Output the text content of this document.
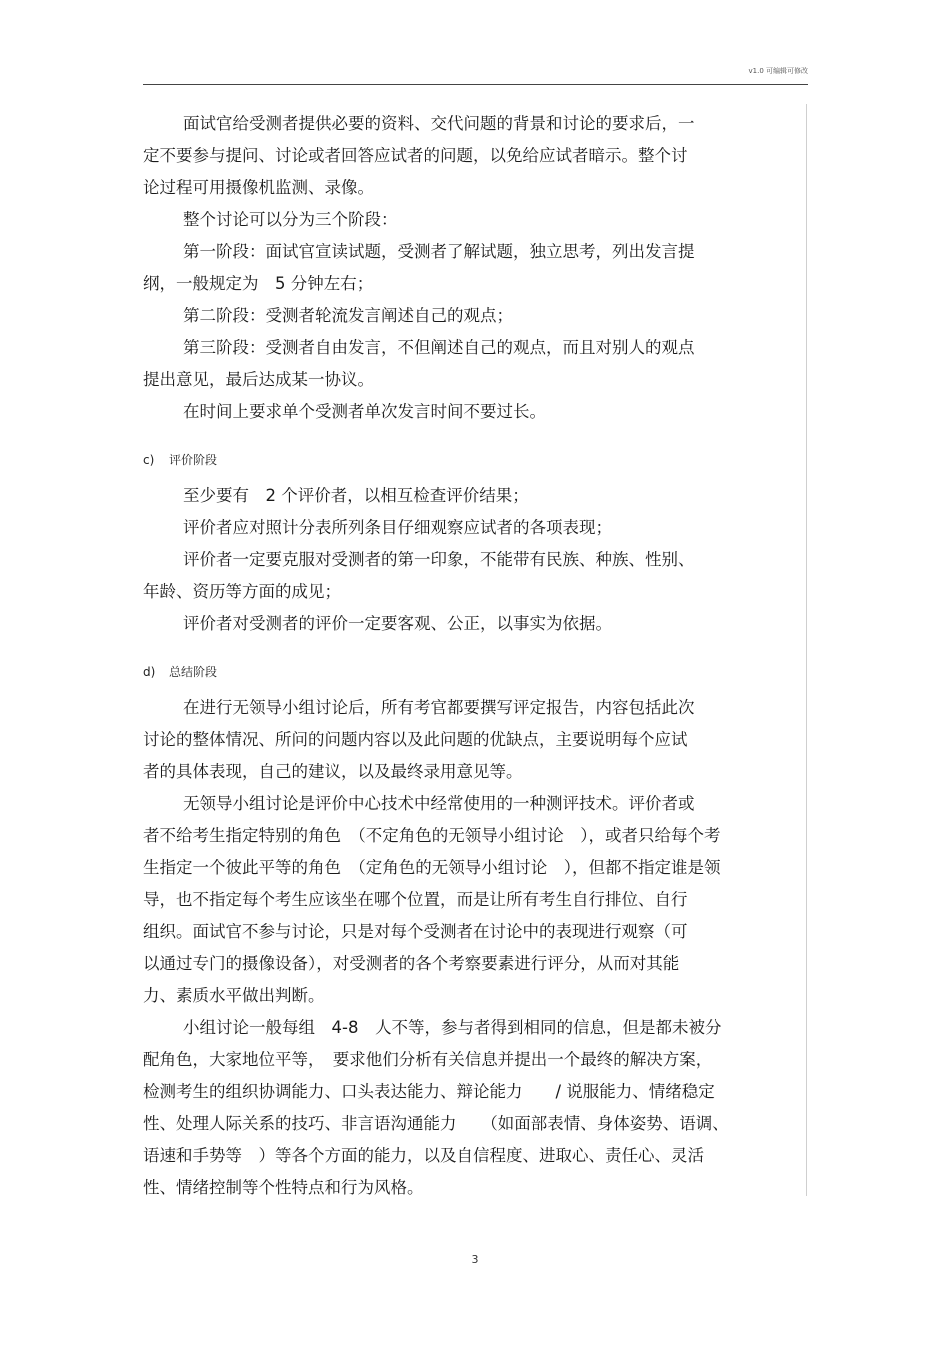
v1.0 可编辑可修改
面试官给受测者提供必要的资料、交代问题的背景和讨论的要求后，一
定不要参与提问、讨论或者回答应试者的问题，以免给应试者暗示。整个讨
论过程可用摄像机监测、录像。
整个讨论可以分为三个阶段：
第一阶段：面试官宣读试题，受测者了解试题，独立思考，列出发言提
纲，一般规定为　5 分钟左右；
第二阶段：受测者轮流发言阐述自己的观点；
第三阶段：受测者自由发言，不但阐述自己的观点，而且对别人的观点
提出意见，最后达成某一协议。
在时间上要求单个受测者单次发言时间不要过长。
c) 评价阶段
至少要有　2 个评价者，以相互检查评价结果；
评价者应对照计分表所列条目仔细观察应试者的各项表现；
评价者一定要克服对受测者的第一印象，不能带有民族、种族、性别、
年龄、资历等方面的成见；
评价者对受测者的评价一定要客观、公正，以事实为依据。
d) 总结阶段
在进行无领导小组讨论后，所有考官都要撰写评定报告，内容包括此次
讨论的整体情况、所问的问题内容以及此问题的优缺点，主要说明每个应试
者的具体表现，自己的建议，以及最终录用意见等。
无领导小组讨论是评价中心技术中经常使用的一种测评技术。评价者或
者不给考生指定特别的角色　（不定角色的无领导小组讨论　），或者只给每个考
生指定一个彼此平等的角色　（定角色的无领导小组讨论　），但都不指定谁是领
导，也不指定每个考生应该坐在哪个位置，而是让所有考生自行排位、自行
组织。面试官不参与讨论，只是对每个受测者在讨论中的表现进行观察（可
以通过专门的摄像设备），对受测者的各个考察要素进行评分，从而对其能
力、素质水平做出判断。
小组讨论一般每组　4-8　人不等，参与者得到相同的信息，但是都未被分
配角色，大家地位平等，　要求他们分析有关信息并提出一个最终的解决方案，
检测考生的组织协调能力、口头表达能力、辩论能力　　/ 说服能力、情绪稳定
性、处理人际关系的技巧、非言语沟通能力　　（如面部表情、身体姿势、语调、
语速和手势等　）等各个方面的能力，以及自信程度、进取心、责任心、灵活
性、情绪控制等个性特点和行为风格。
3
